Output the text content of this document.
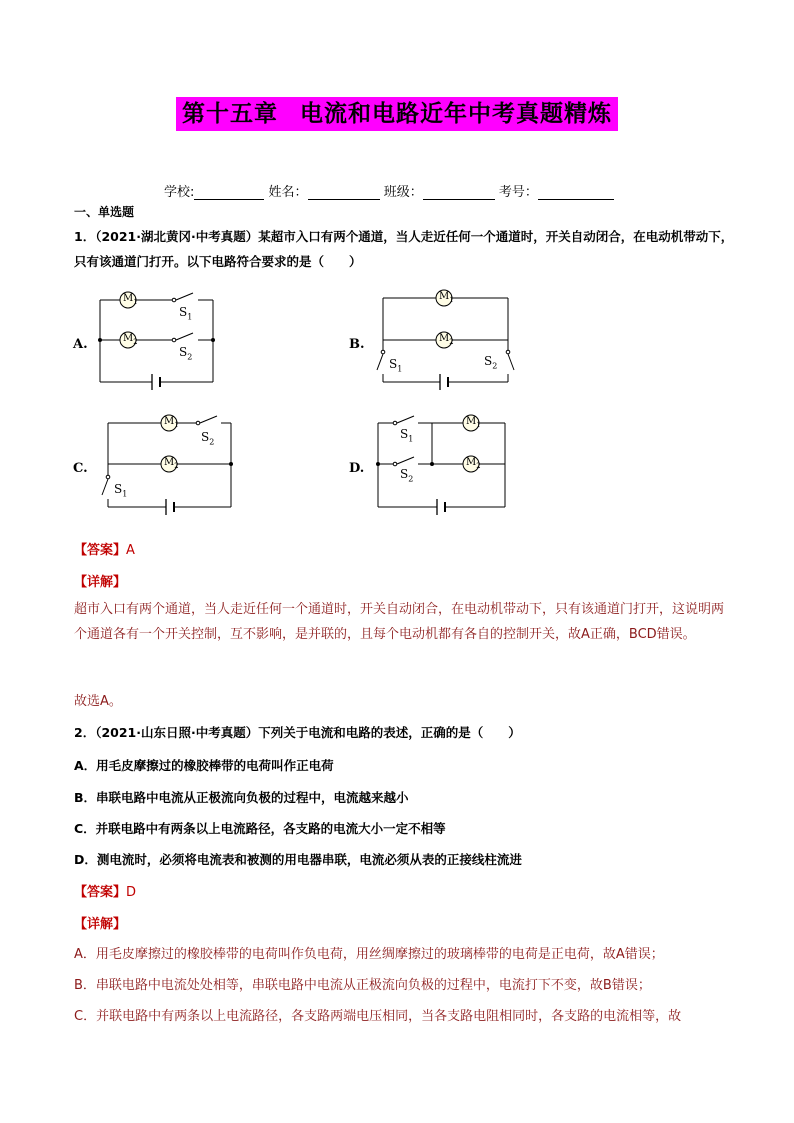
第十五章 电流和电路近年中考真题精炼
学校:	姓名：	班级：	考号：
一、单选题
1．（2021·湖北黄冈·中考真题）某超市入口有两个通道，当人走近任何一个通道时，开关自动闭合，在电动机带动下，只有该通道门打开。以下电路符合要求的是（　　）
A.	B.
C.	D.
$M_1$
$M_2$
$S_1$
$S_2$
$M_1$
$M_2$
$S_1$
$S_2$
$M_1$
$M_2$
$S_1$
$S_2$
$M_1$
$M_2$
$S_1$
$S_2$
【答案】A
【详解】
超市入口有两个通道，当人走近任何一个通道时，开关自动闭合，在电动机带动下，只有该通道门打开，这说明两个通道各有一个开关控制，互不影响，是并联的，且每个电动机都有各自的控制开关，故A正确，BCD错误。
故选A。
2．（2021·山东日照·中考真题）下列关于电流和电路的表述，正确的是（　　）
A．用毛皮摩擦过的橡胶棒带的电荷叫作正电荷
B．串联电路中电流从正极流向负极的过程中，电流越来越小
C．并联电路中有两条以上电流路径，各支路的电流大小一定不相等
D．测电流时，必须将电流表和被测的用电器串联，电流必须从表的正接线柱流进
【答案】D
【详解】
A．用毛皮摩擦过的橡胶棒带的电荷叫作负电荷，用丝绸摩擦过的玻璃棒带的电荷是正电荷，故A错误；
B．串联电路中电流处处相等，串联电路中电流从正极流向负极的过程中，电流打下不变，故B错误；
C．并联电路中有两条以上电流路径，各支路两端电压相同，当各支路电阻相同时，各支路的电流相等，故
